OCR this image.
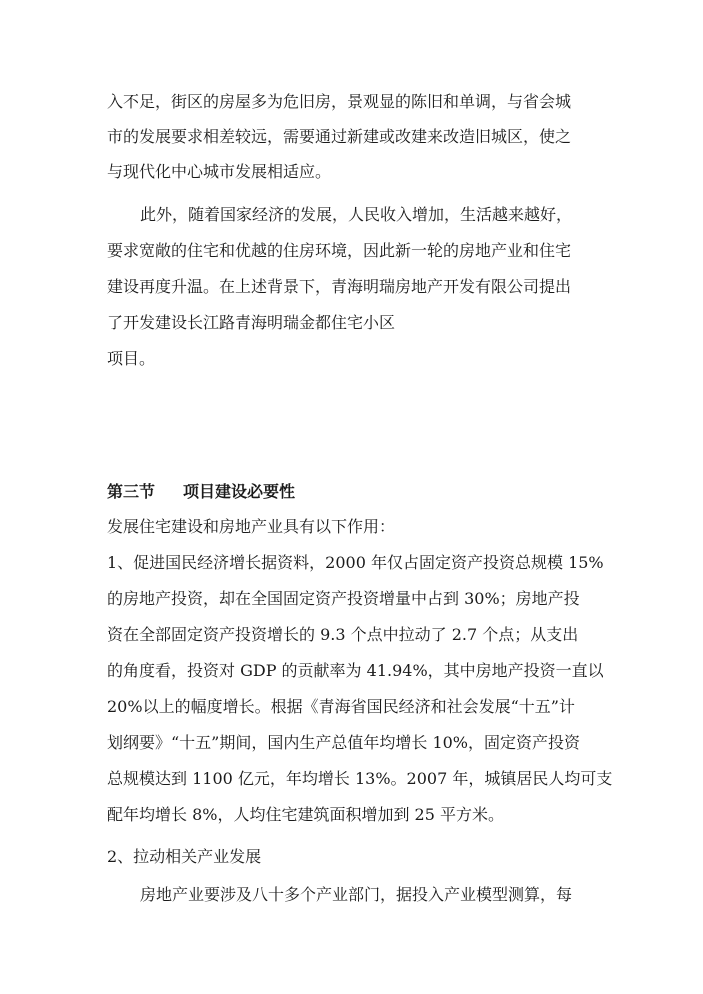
入不足，街区的房屋多为危旧房，景观显的陈旧和单调，与省会城
市的发展要求相差较远，需要通过新建或改建来改造旧城区，使之
与现代化中心城市发展相适应。
此外，随着国家经济的发展，人民收入增加，生活越来越好，
要求宽敞的住宅和优越的住房环境，因此新一轮的房地产业和住宅
建设再度升温。在上述背景下，青海明瑞房地产开发有限公司提出
了开发建设长江路青海明瑞金都住宅小区
项目。
第三节 项目建设必要性
发展住宅建设和房地产业具有以下作用：
1、促进国民经济增长据资料，2000 年仅占固定资产投资总规模 15%
的房地产投资，却在全国固定资产投资增量中占到 30%；房地产投
资在全部固定资产投资增长的 9.3 个点中拉动了 2.7 个点；从支出
的角度看，投资对 GDP 的贡献率为 41.94%，其中房地产投资一直以
20%以上的幅度增长。根据《青海省国民经济和社会发展“十五”计
划纲要》“十五”期间，国内生产总值年均增长 10%，固定资产投资
总规模达到 1100 亿元，年均增长 13%。2007 年，城镇居民人均可支
配年均增长 8%，人均住宅建筑面积增加到 25 平方米。
2、拉动相关产业发展
房地产业要涉及八十多个产业部门，据投入产业模型测算，每
